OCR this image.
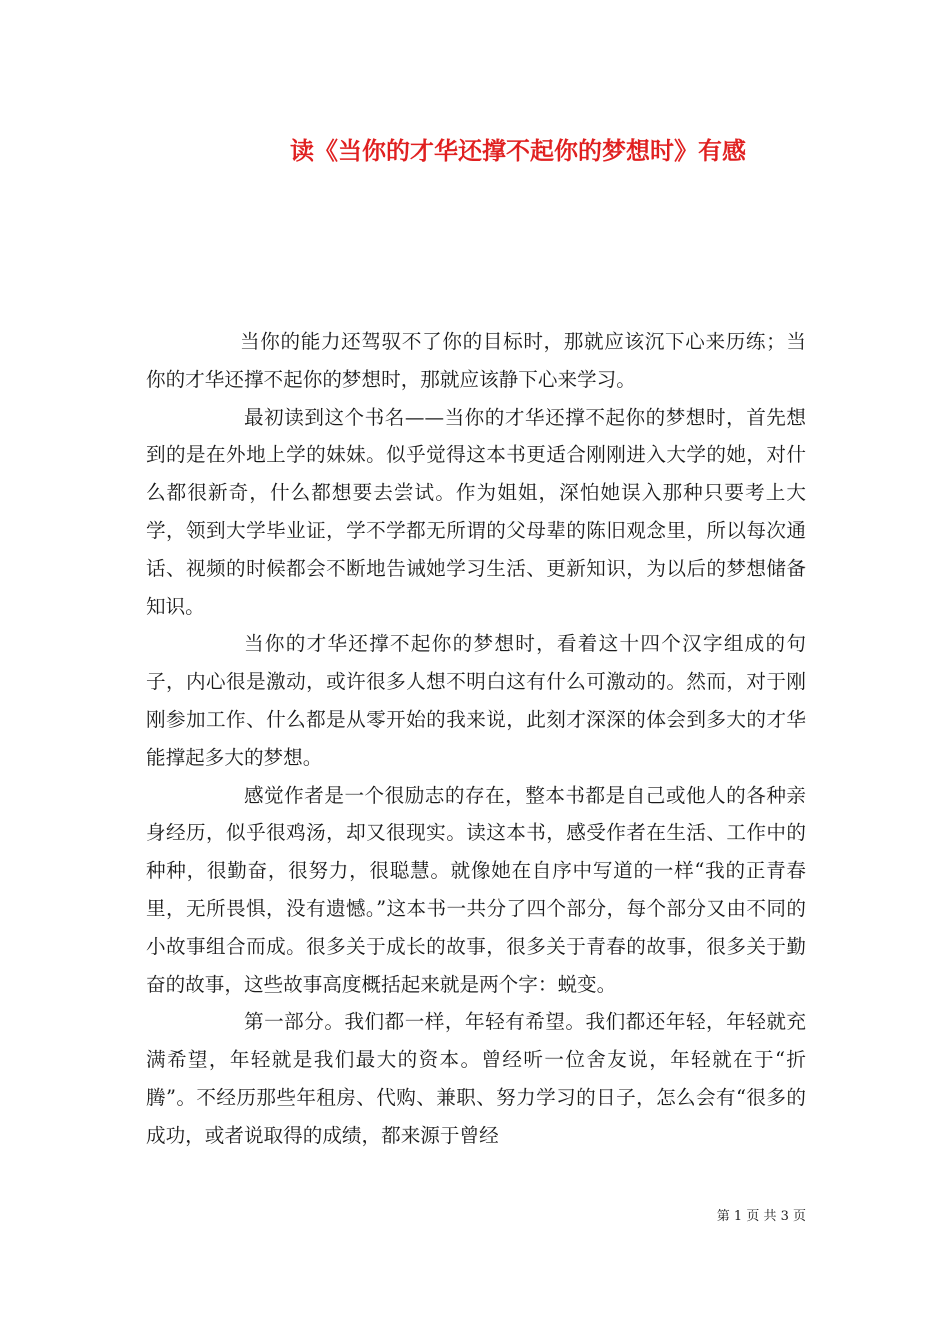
读《当你的才华还撑不起你的梦想时》有感

当你的能力还驾驭不了你的目标时，那就应该沉下心来历练；当你的才华还撑不起你的梦想时，那就应该静下心来学习。

最初读到这个书名——当你的才华还撑不起你的梦想时，首先想到的是在外地上学的妹妹。似乎觉得这本书更适合刚刚进入大学的她，对什么都很新奇，什么都想要去尝试。作为姐姐，深怕她误入那种只要考上大学，领到大学毕业证，学不学都无所谓的父母辈的陈旧观念里，所以每次通话、视频的时候都会不断地告诫她学习生活、更新知识，为以后的梦想储备知识。

当你的才华还撑不起你的梦想时，看着这十四个汉字组成的句子，内心很是激动，或许很多人想不明白这有什么可激动的。然而，对于刚刚参加工作、什么都是从零开始的我来说，此刻才深深的体会到多大的才华能撑起多大的梦想。

感觉作者是一个很励志的存在，整本书都是自己或他人的各种亲身经历，似乎很鸡汤，却又很现实。读这本书，感受作者在生活、工作中的种种，很勤奋，很努力，很聪慧。就像她在自序中写道的一样“我的正青春里，无所畏惧，没有遗憾。”这本书一共分了四个部分，每个部分又由不同的小故事组合而成。很多关于成长的故事，很多关于青春的故事，很多关于勤奋的故事，这些故事高度概括起来就是两个字：蜕变。

第一部分。我们都一样，年轻有希望。我们都还年轻，年轻就充满希望，年轻就是我们最大的资本。曾经听一位舍友说，年轻就在于“折腾”。不经历那些年租房、代购、兼职、努力学习的日子，怎么会有“很多的成功，或者说取得的成绩，都来源于曾经

第 1 页 共 3 页
